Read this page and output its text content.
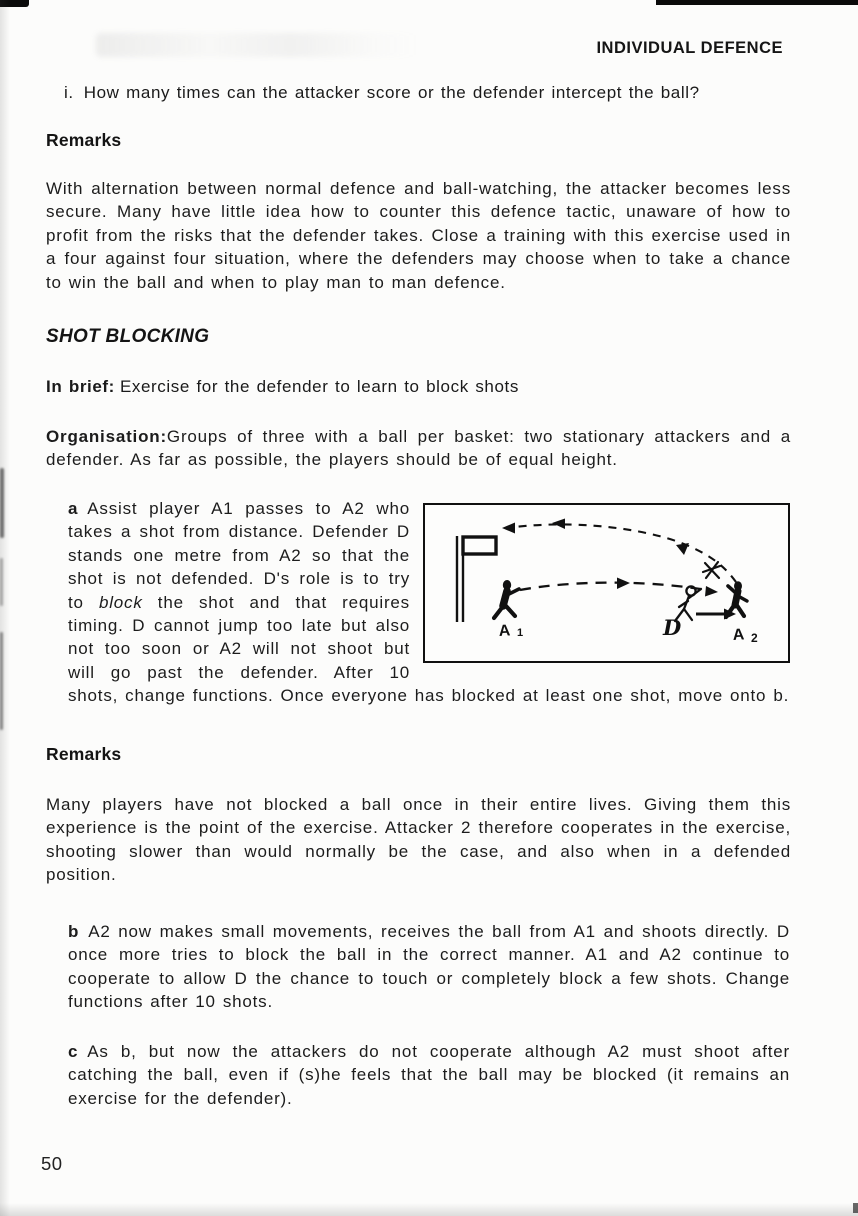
INDIVIDUAL DEFENCE
i. How many times can the attacker score or the defender intercept the ball?
Remarks

With alternation between normal defence and ball-watching, the attacker becomes less secure. Many have little idea how to counter this defence tactic, unaware of how to profit from the risks that the defender takes. Close a training with this exercise used in a four against four situation, where the defenders may choose when to take a chance to win the ball and when to play man to man defence.

SHOT BLOCKING

In brief: Exercise for the defender to learn to block shots

Organisation:Groups of three with a ball per basket: two stationary attackers and a defender. As far as possible, the players should be of equal height.

A 1	D	A 2

a Assist player A1 passes to A2 who takes a shot from distance. Defender D stands one metre from A2 so that the shot is not defended. D's role is to try to block the shot and that requires timing. D cannot jump too late but also not too soon or A2 will not shoot but will go past the defender. After 10 shots, change functions. Once everyone has blocked at least one shot, move onto b.

Remarks

Many players have not blocked a ball once in their entire lives. Giving them this experience is the point of the exercise. Attacker 2 therefore cooperates in the exercise, shooting slower than would normally be the case, and also when in a defended position.

b A2 now makes small movements, receives the ball from A1 and shoots directly. D once more tries to block the ball in the correct manner. A1 and A2 continue to cooperate to allow D the chance to touch or completely block a few shots. Change functions after 10 shots.

c As b, but now the attackers do not cooperate although A2 must shoot after catching the ball, even if (s)he feels that the ball may be blocked (it remains an exercise for the defender).

50
